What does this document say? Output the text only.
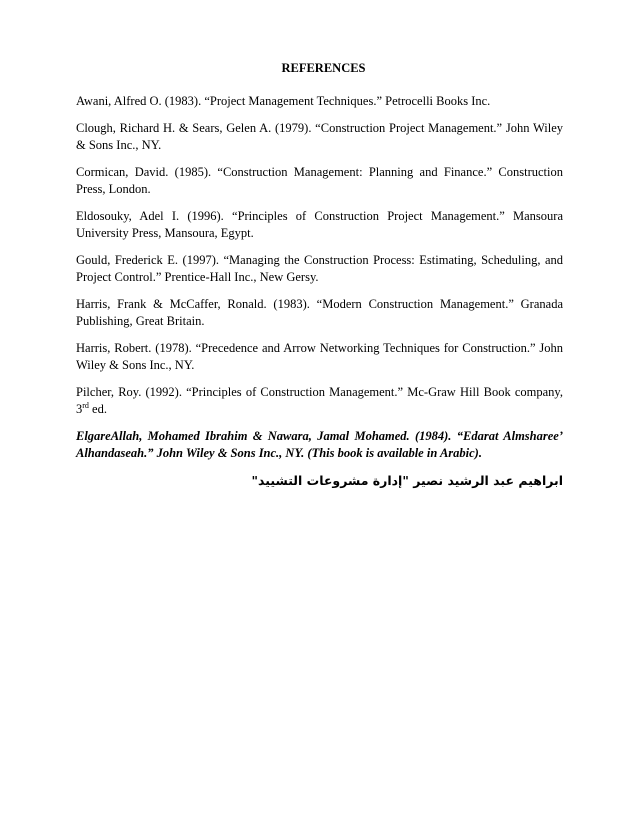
REFERENCES

Awani, Alfred O. (1983). “Project Management Techniques.” Petrocelli Books Inc.

Clough, Richard H. & Sears, Gelen A. (1979). “Construction Project Management.” John Wiley & Sons Inc., NY.

Cormican, David. (1985). “Construction Management: Planning and Finance.” Construction Press, London.

Eldosouky, Adel I. (1996). “Principles of Construction Project Management.” Mansoura University Press, Mansoura, Egypt.

Gould, Frederick E. (1997). “Managing the Construction Process: Estimating, Scheduling, and Project Control.” Prentice-Hall Inc., New Gersy.

Harris, Frank & McCaffer, Ronald. (1983). “Modern Construction Management.” Granada Publishing, Great Britain.

Harris, Robert. (1978). “Precedence and Arrow Networking Techniques for Construction.” John Wiley & Sons Inc., NY.

Pilcher, Roy. (1992). “Principles of Construction Management.” Mc-Graw Hill Book company, 3rd ed.

ElgareAllah, Mohamed Ibrahim & Nawara, Jamal Mohamed. (1984). “Edarat Almsharee’ Alhandaseah.” John Wiley & Sons Inc., NY. (This book is available in Arabic).

ابراهيم عبد الرشيد نصير "إدارة مشروعات التشييد"
